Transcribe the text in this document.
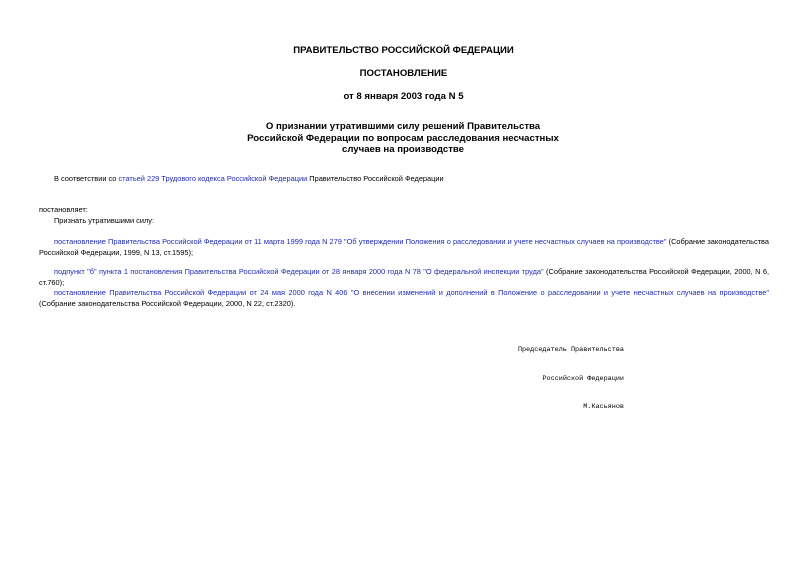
ПРАВИТЕЛЬСТВО РОССИЙСКОЙ ФЕДЕРАЦИИ
ПОСТАНОВЛЕНИЕ
от 8 января 2003 года N 5
О признании утратившими силу решений Правительства Российской Федерации по вопросам расследования несчастных случаев на производстве
В соответствии со статьей 229 Трудового кодекса Российской Федерации Правительство Российской Федерации
постановляет:
Признать утратившими силу:
постановление Правительства Российской Федерации от 11 марта 1999 года N 279 "Об утверждении Положения о расследовании и учете несчастных случаев на производстве" (Собрание законодательства Российской Федерации, 1999, N 13, ст.1595);
подпункт "б" пункта 1 постановления Правительства Российской Федерации от 28 января 2000 года N 78 "О федеральной инспекции труда" (Собрание законодательства Российской Федерации, 2000, N 6, ст.760);
постановление Правительства Российской Федерации от 24 мая 2000 года N 406 "О внесении изменений и дополнений в Положение о расследовании и учете несчастных случаев на производстве" (Собрание законодательства Российской Федерации, 2000, N 22, ст.2320).

Председатель Правительства

Российской Федерации

М.Касьянов
